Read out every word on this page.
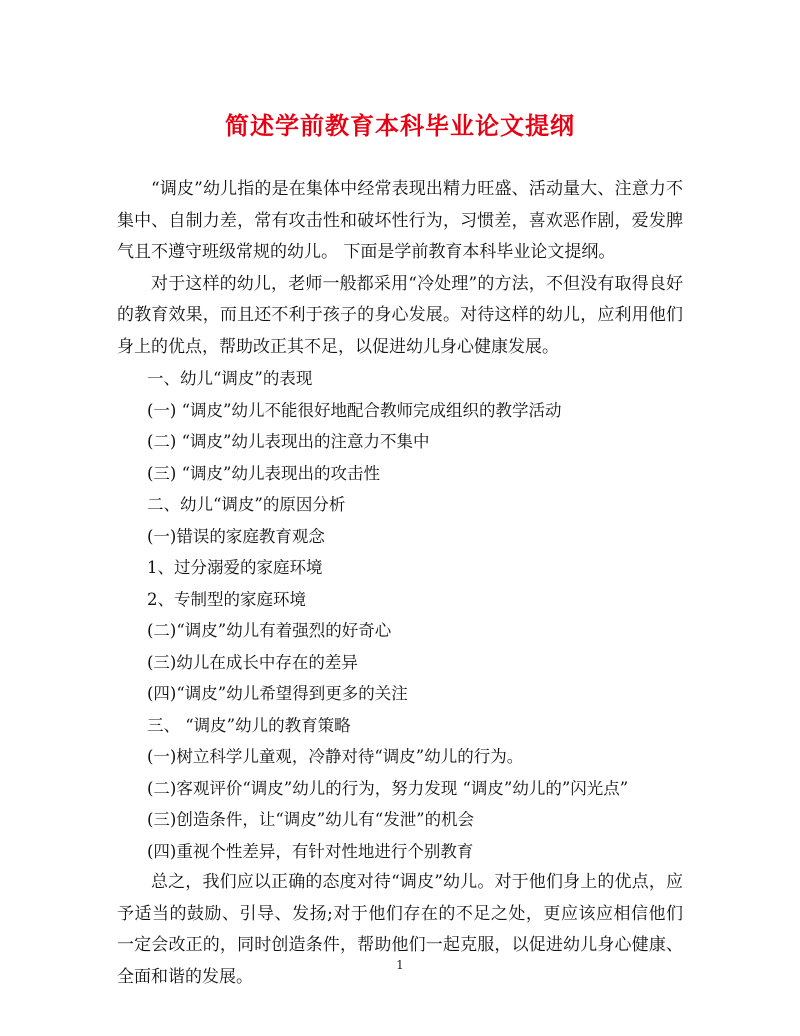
简述学前教育本科毕业论文提纲

“调皮”幼儿指的是在集体中经常表现出精力旺盛、活动量大、注意力不集中、自制力差，常有攻击性和破坏性行为，习惯差，喜欢恶作剧，爱发脾气且不遵守班级常规的幼儿。 下面是学前教育本科毕业论文提纲。

对于这样的幼儿，老师一般都采用“冷处理”的方法，不但没有取得良好的教育效果，而且还不利于孩子的身心发展。对待这样的幼儿，应利用他们身上的优点，帮助改正其不足，以促进幼儿身心健康发展。

一、幼儿“调皮”的表现

(一) “调皮”幼儿不能很好地配合教师完成组织的教学活动

(二) “调皮”幼儿表现出的注意力不集中

(三) “调皮”幼儿表现出的攻击性

二、幼儿“调皮”的原因分析

(一)错误的家庭教育观念

1、过分溺爱的家庭环境

2、专制型的家庭环境

(二)“调皮”幼儿有着强烈的好奇心

(三)幼儿在成长中存在的差异

(四)“调皮”幼儿希望得到更多的关注

三、 “调皮”幼儿的教育策略

(一)树立科学儿童观，冷静对待“调皮”幼儿的行为。

(二)客观评价“调皮”幼儿的行为，努力发现 “调皮”幼儿的”闪光点”

(三)创造条件，让“调皮”幼儿有“发泄”的机会

(四)重视个性差异，有针对性地进行个别教育

总之，我们应以正确的态度对待“调皮”幼儿。对于他们身上的优点，应予适当的鼓励、引导、发扬;对于他们存在的不足之处，更应该应相信他们一定会改正的，同时创造条件，帮助他们一起克服，以促进幼儿身心健康、全面和谐的发展。

1
